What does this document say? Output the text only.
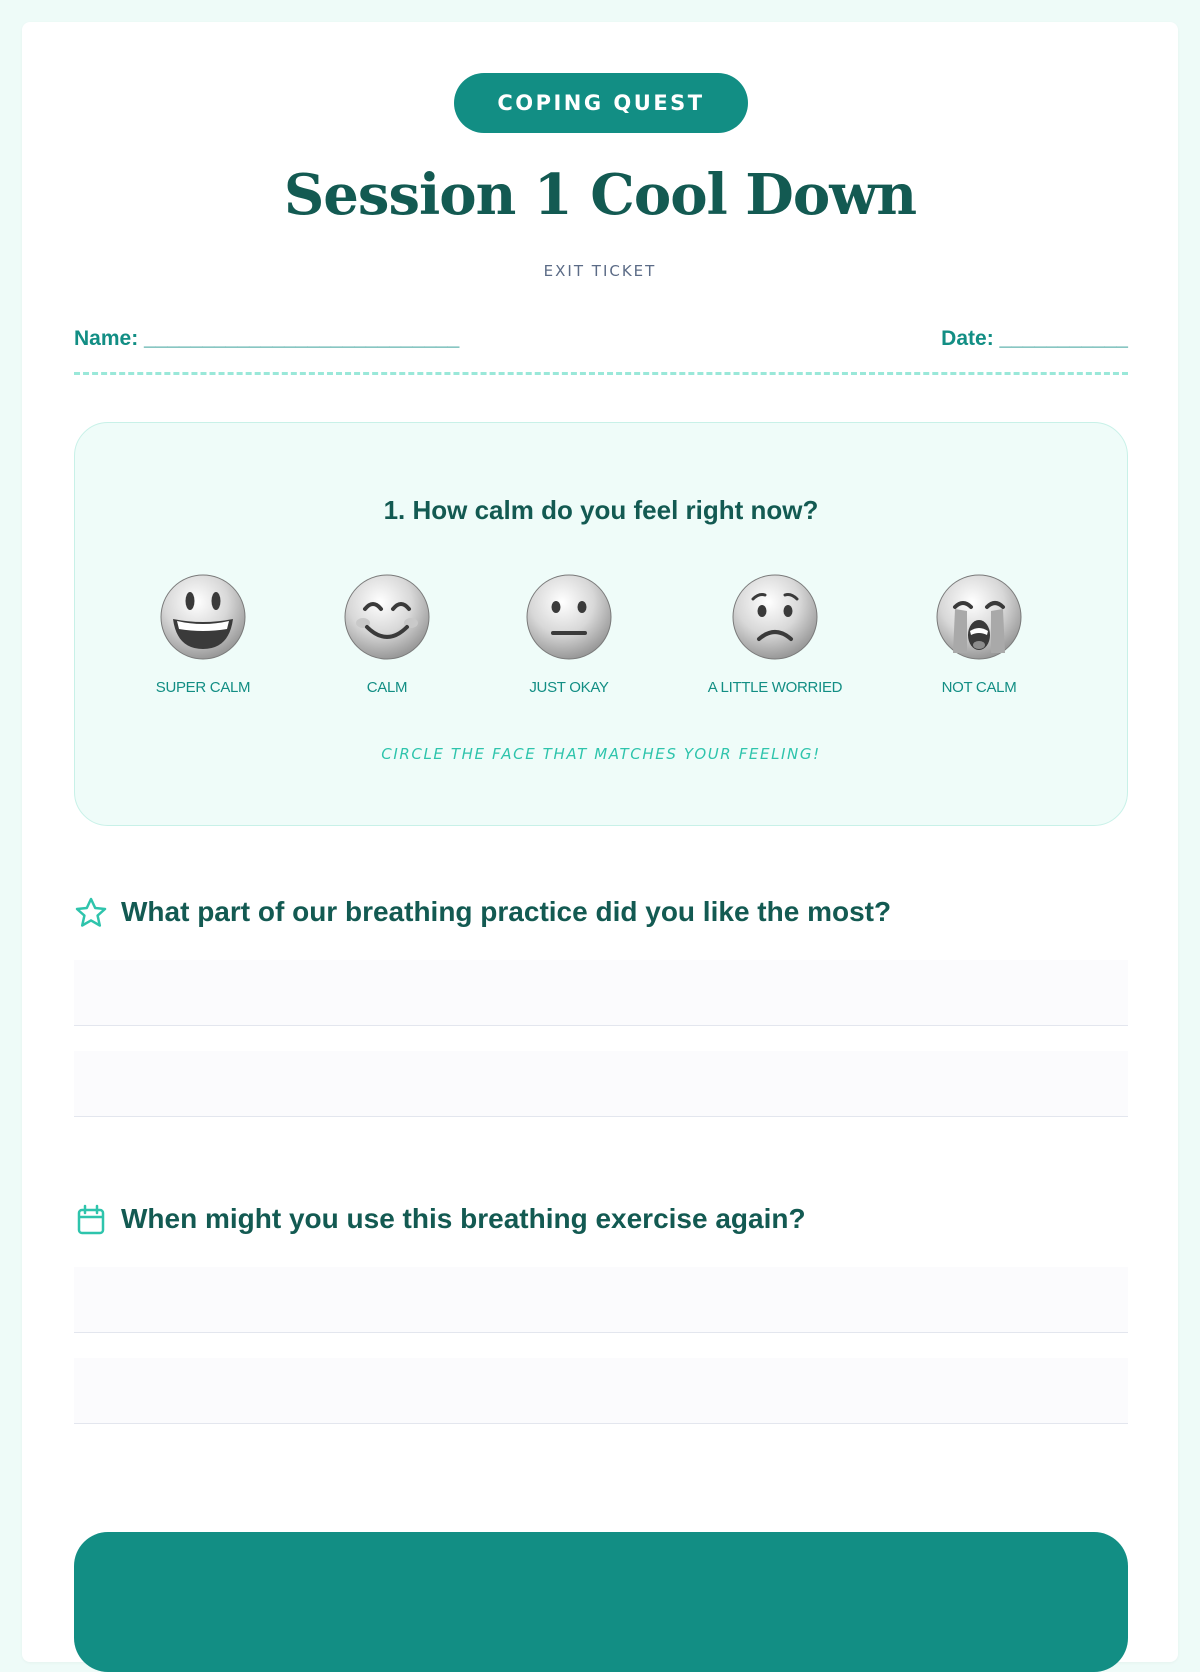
COPING QUEST
Session 1 Cool Down
EXIT TICKET
Name: ___________________________	Date: ___________
1. How calm do you feel right now?
SUPER CALM	CALM	JUST OKAY	A LITTLE WORRIED	NOT CALM
CIRCLE THE FACE THAT MATCHES YOUR FEELING!
What part of our breathing practice did you like the most?
When might you use this breathing exercise again?
